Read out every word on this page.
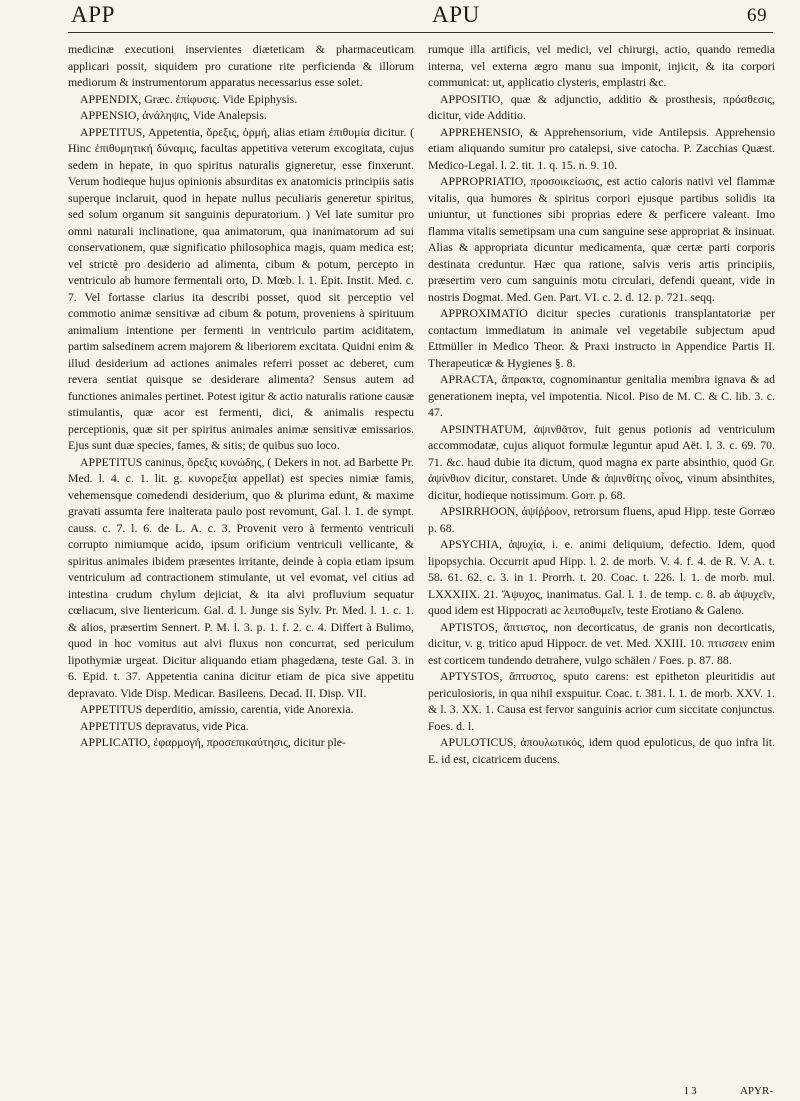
APP	APU	69

medicinæ executioni inservientes diæteticam & pharmaceuticam applicari possit, siquidem pro curatione rite perficienda & illorum mediorum & instrumentorum apparatus necessarius esse solet.

APPENDIX, Græc. ἐπίφυσις. Vide Epiphysis.

APPENSIO, ἀνάληψις, Vide Analepsis.

APPETITUS, Appetentia, ὄρεξις, ὁρμή, alias etiam ἐπιθυμία dicitur. ( Hinc ἐπιθυμητική δύναμις, facultas appetitiva veterum excogitata, cujus sedem in hepate, in quo spiritus naturalis gigneretur, esse finxerunt. Verum hodieque hujus opinionis absurditas ex anatomicis principiis satis superque inclaruit, quod in hepate nullus peculiaris generetur spiritus, sed solum organum sit sanguinis depuratorium. ) Vel late sumitur pro omni naturali inclinatione, qua animatorum, qua inanimatorum ad sui conservationem, quæ significatio philosophica magis, quam medica est; vel strictè pro desiderio ad alimenta, cibum & potum, percepto in ventriculo ab humore fermentali orto, D. Mœb. l. 1. Epit. Instit. Med. c. 7. Vel fortasse clarius ita describi posset, quod sit perceptio vel commotio animæ sensitivæ ad cibum & potum, proveniens à spirituum animalium intentione per fermenti in ventriculo partim aciditatem, partim salsedinem acrem majorem & liberiorem excitata. Quidni enim & illud desiderium ad actiones animales referri posset ac deberet, cum revera sentiat quisque se desiderare alimenta? Sensus autem ad functiones animales pertinet. Potest igitur & actio naturalis ratione causæ stimulantis, quæ acor est fermenti, dici, & animalis respectu perceptionis, quæ sit per spiritus animales animæ sensitivæ emissarios. Ejus sunt duæ species, fames, & sitis; de quibus suo loco.

APPETITUS caninus, ὄρεξις κυνώδης, ( Dekers in not. ad Barbette Pr. Med. l. 4. c. 1. lit. g. κυνορεξία appellat) est species nimiæ famis, vehemensque comedendi desiderium, quo & plurima edunt, & maxime gravati assumta fere inalterata paulo post revomunt, Gal. l. 1. de sympt. causs. c. 7. l. 6. de L. A. c. 3. Provenit vero à fermento ventriculi corrupto nimiumque acido, ipsum orificium ventriculi vellicante, & spiritus animales ibidem præsentes irritante, deinde à copia etiam ipsum ventriculum ad contractionem stimulante, ut vel evomat, vel citius ad intestina crudum chylum dejiciat, & ita alvi profluvium sequatur cœliacum, sive lientericum. Gal. d. l. Junge sis Sylv. Pr. Med. l. 1. c. 1. & alios, præsertim Sennert. P. M. l. 3. p. 1. f. 2. c. 4. Differt à Bulimo, quod in hoc vomitus aut alvi fluxus non concurrat, sed periculum lipothymiæ urgeat. Dicitur aliquando etiam phagedæna, teste Gal. 3. in 6. Epid. t. 37. Appetentia canina dicitur etiam de pica sive appetitu depravato. Vide Disp. Medicar. Basileens. Decad. II. Disp. VII.

APPETITUS deperditio, amissio, carentia, vide Anorexia.

APPETITUS depravatus, vide Pica.

APPLICATIO, ἐφαρμογή, προσεπικαύτησις, dicitur ple-

rumque illa artificis, vel medici, vel chirurgi, actio, quando remedia interna, vel externa ægro manu sua imponit, injicit, & ita corpori communicat: ut, applicatio clysteris, emplastri &c.

APPOSITIO, quæ & adjunctio, additio & prosthesis, πρόσθεσις, dicitur, vide Additio.

APPREHENSIO, & Apprehensorium, vide Antilepsis. Apprehensio etiam aliquando sumitur pro catalepsi, sive catocha. P. Zacchias Quæst. Medico-Legal. l. 2. tit. 1. q. 15. n. 9. 10.

APPROPRIATIO, προσοικείωσις, est actio caloris nativi vel flammæ vitalis, qua humores & spiritus corpori ejusque partibus solidis ita uniuntur, ut functiones sibi proprias edere & perficere valeant. Imo flamma vitalis semetipsam una cum sanguine sese appropriat & insinuat. Alias & appropriata dicuntur medicamenta, quæ certæ parti corporis destinata creduntur. Hæc qua ratione, salvis veris artis principiis, præsertim vero cum sanguinis motu circulari, defendi queant, vide in nostris Dogmat. Med. Gen. Part. VI. c. 2. d. 12. p. 721. seqq.

APPROXIMATIO dicitur species curationis transplantatoriæ per contactum immediatum in animale vel vegetabile subjectum apud Ettmüller in Medico Theor. & Praxi instructo in Appendice Partis II. Therapeuticæ & Hygienes §. 8.

APRACTA, ἄπρακτα, cognominantur genitalia membra ignava & ad generationem inepta, vel impotentia. Nicol. Piso de M. C. & C. lib. 3. c. 47.

APSINTHATUM, ἀψινθᾶτον, fuit genus potionis ad ventriculum accommodatæ, cujus aliquot formulæ leguntur apud Aët. l. 3. c. 69. 70. 71. &c. haud dubie ita dictum, quod magna ex parte absinthio, quod Gr. ἀψίνθιον dicitur, constaret. Unde & ἀψινθίτης οἶνος, vinum absinthites, dicitur, hodieque notissimum. Gorr. p. 68.

APSIRRHOON, ἀψίῤῥοον, retrorsum fluens, apud Hipp. teste Gorræo p. 68.

APSYCHIA, ἀψυχία, i. e. animi deliquium, defectio. Idem, quod lipopsychia. Occurrit apud Hipp. l. 2. de morb. V. 4. f. 4. de R. V. A. t. 58. 61. 62. c. 3. in 1. Prorrh. t. 20. Coac. t. 226. l. 1. de morb. mul. LXXXIIX. 21. Ἄψυχος, inanimatus. Gal. l. 1. de temp. c. 8. ab ἀψυχεῖν, quod idem est Hippocrati ac λειποθυμεῖν, teste Erotiano & Galeno.

APTISTOS, ἄπτιστος, non decorticatus, de granis non decorticatis, dicitur, v. g. tritico apud Hippocr. de vet. Med. XXIII. 10. πτισσειν enim est corticem tundendo detrahere, vulgo schälen / Foes. p. 87. 88.

APTYSTOS, ἄπτυστος, sputo carens: est epitheton pleuritidis aut periculosioris, in qua nihil exspuitur. Coac. t. 381. l. 1. de morb. XXV. 1. & l. 3. XX. 1. Causa est fervor sanguinis acrior cum siccitate conjunctus. Foes. d. l.

APULOTICUS, ἀπουλωτικός, idem quod epuloticus, de quo infra lit. E. id est, cicatricem ducens.

I 3	APYR-
